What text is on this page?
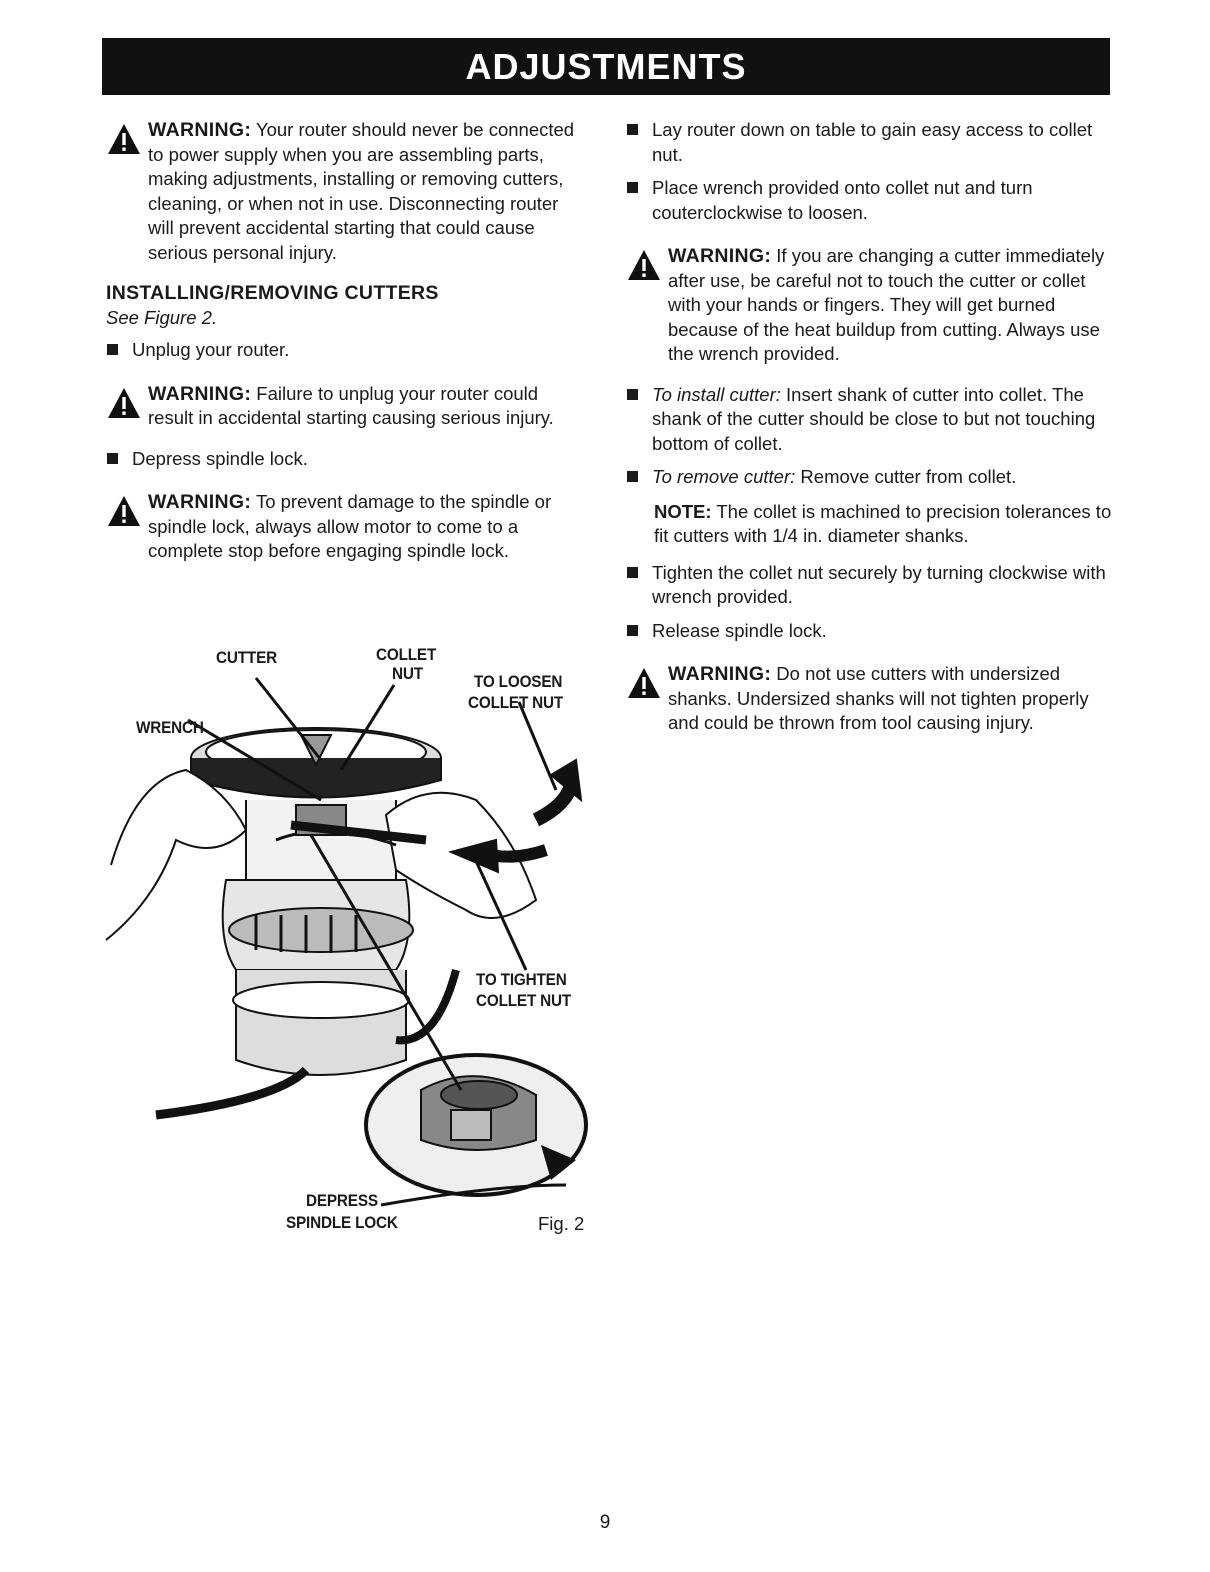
ADJUSTMENTS
WARNING: Your router should never be connected to power supply when you are assembling parts, making adjustments, installing or removing cutters, cleaning, or when not in use. Disconnecting router will prevent accidental starting that could cause serious personal injury.
INSTALLING/REMOVING CUTTERS
See Figure 2.
Unplug your router.
WARNING: Failure to unplug your router could result in accidental starting causing serious injury.
Depress spindle lock.
WARNING: To prevent damage to the spindle or spindle lock, always allow motor to come to a complete stop before engaging spindle lock.
CUTTER	COLLET
NUT	TO LOOSEN
COLLET NUT
WRENCH
TO TIGHTEN
COLLET NUT
DEPRESS
SPINDLE LOCK	Fig. 2
Lay router down on table to gain easy access to collet nut.
Place wrench provided onto collet nut and turn couterclockwise to loosen.
WARNING: If you are changing a cutter immediately after use, be careful not to touch the cutter or collet with your hands or fingers. They will get burned because of the heat buildup from cutting. Always use the wrench provided.
To install cutter: Insert shank of cutter into collet. The shank of the cutter should be close to but not touching bottom of collet.
To remove cutter: Remove cutter from collet.
NOTE: The collet is machined to precision tolerances to fit cutters with 1/4 in. diameter shanks.
Tighten the collet nut securely by turning clockwise with wrench provided.
Release spindle lock.
WARNING: Do not use cutters with undersized shanks. Undersized shanks will not tighten properly and could be thrown from tool causing injury.
9
